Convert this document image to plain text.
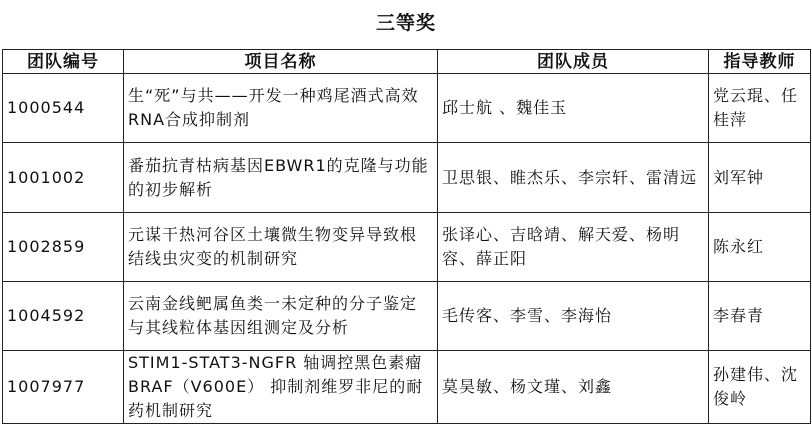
三等奖
团队编号	项目名称	团队成员	指导教师
1000544	生“死”与共——开发一种鸡尾酒式高效RNA合成抑制剂	邱士航 、魏佳玉	党云琨、任桂萍
1001002	番茄抗青枯病基因EBWR1的克隆与功能的初步解析	卫思银、睢杰乐、李宗轩、雷清远	刘军钟
1002859	元谋干热河谷区土壤微生物变异导致根结线虫灾变的机制研究	张译心、吉晗靖、解天爱、杨明容、薛正阳	陈永红
1004592	云南金线鲃属鱼类一未定种的分子鉴定与其线粒体基因组测定及分析	毛传客、李雪、李海怡	李春青
1007977	STIM1-STAT3-NGFR 轴调控黑色素瘤 BRAF（V600E） 抑制剂维罗非尼的耐药机制研究	莫昊敏、杨文瑾、刘鑫	孙建伟、沈俊岭
